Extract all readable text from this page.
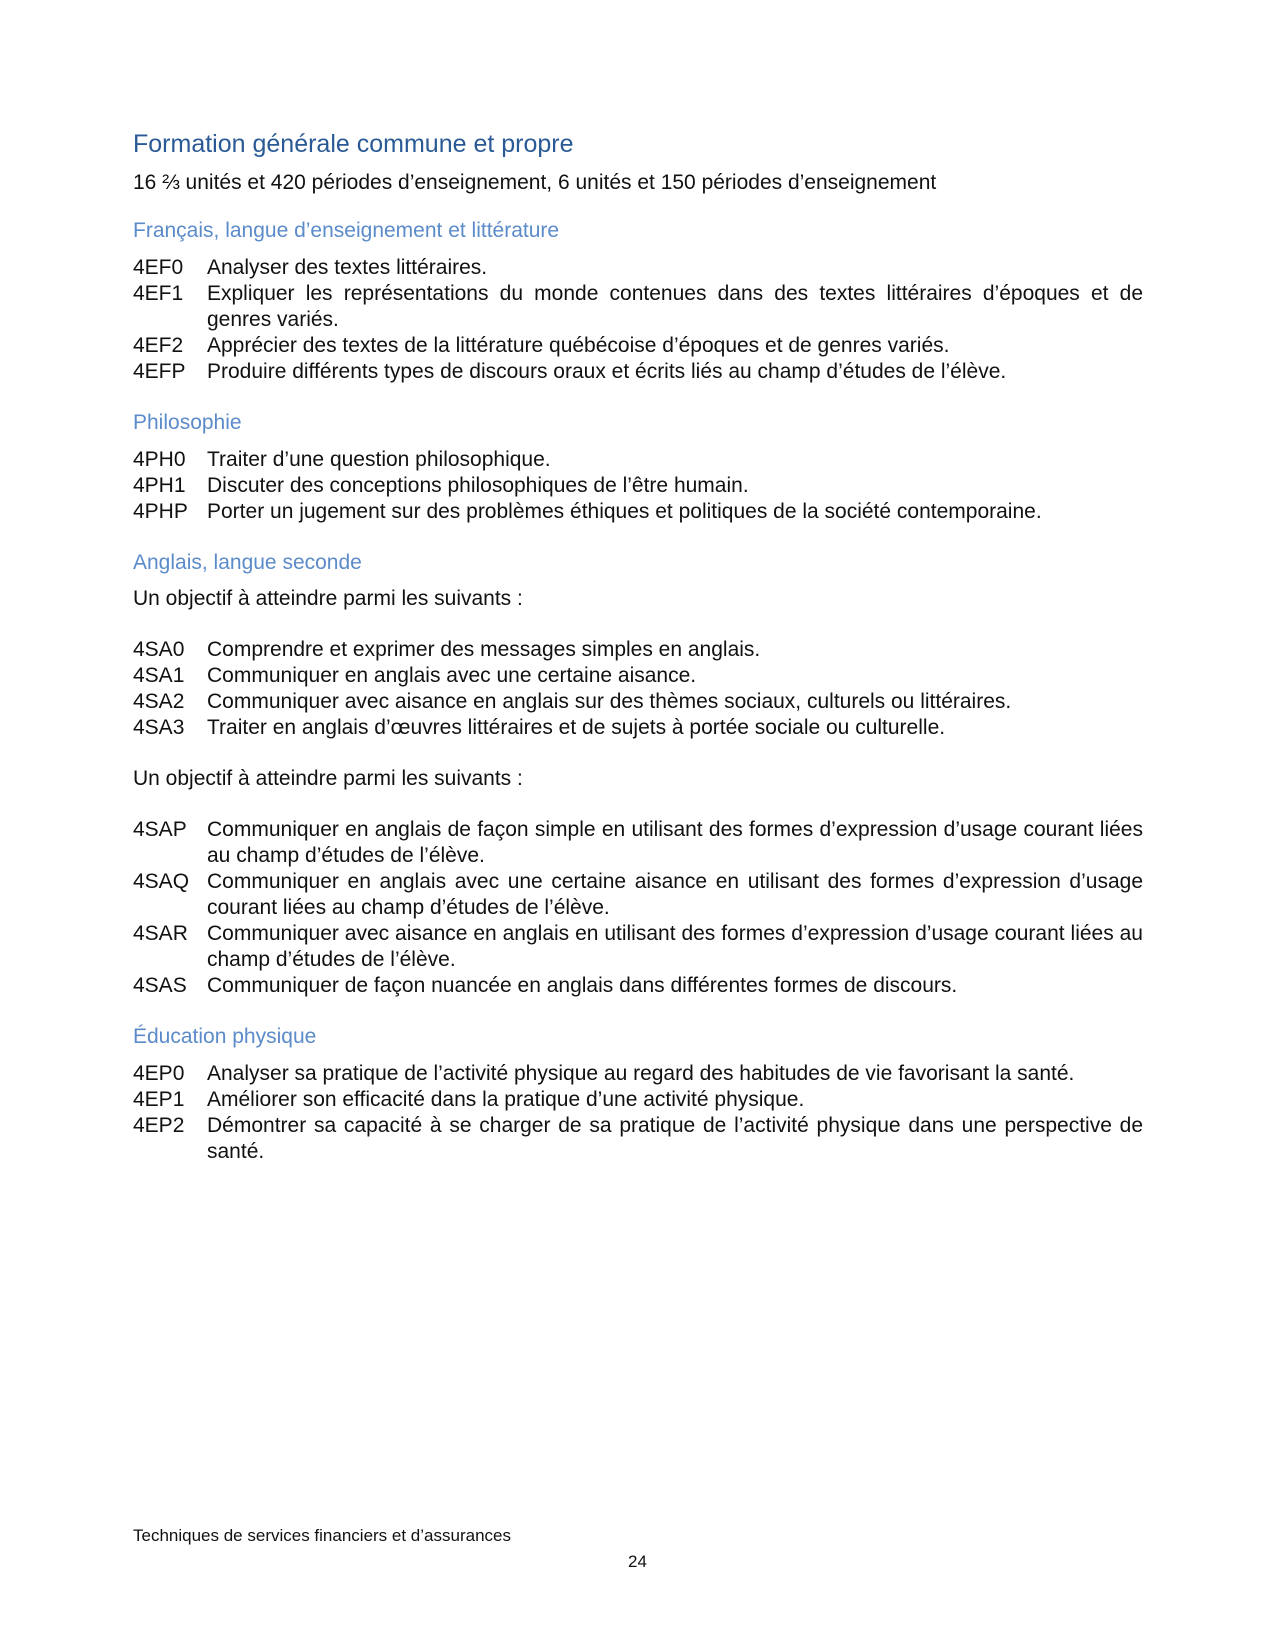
Formation générale commune et propre

16 ⅔ unités et 420 périodes d’enseignement, 6 unités et 150 périodes d’enseignement

Français, langue d’enseignement et littérature
4EF0	Analyser des textes littéraires.
4EF1	Expliquer les représentations du monde contenues dans des textes littéraires d’époques et de genres variés.
4EF2	Apprécier des textes de la littérature québécoise d’époques et de genres variés.
4EFP	Produire différents types de discours oraux et écrits liés au champ d’études de l’élève.
Philosophie
4PH0	Traiter d’une question philosophique.
4PH1	Discuter des conceptions philosophiques de l’être humain.
4PHP Porter un jugement sur des problèmes éthiques et politiques de la société contemporaine.
Anglais, langue seconde

Un objectif à atteindre parmi les suivants :

4SA0	Comprendre et exprimer des messages simples en anglais.
4SA1	Communiquer en anglais avec une certaine aisance.
4SA2	Communiquer avec aisance en anglais sur des thèmes sociaux, culturels ou littéraires.
4SA3	Traiter en anglais d’œuvres littéraires et de sujets à portée sociale ou culturelle.

Un objectif à atteindre parmi les suivants :

4SAP Communiquer en anglais de façon simple en utilisant des formes d’expression d’usage courant liées au champ d’études de l’élève.
4SAQ Communiquer en anglais avec une certaine aisance en utilisant des formes d’expression d’usage courant liées au champ d’études de l’élève.
4SAR Communiquer avec aisance en anglais en utilisant des formes d’expression d’usage courant liées au champ d’études de l’élève.
4SAS Communiquer de façon nuancée en anglais dans différentes formes de discours.
Éducation physique
4EP0	Analyser sa pratique de l’activité physique au regard des habitudes de vie favorisant la santé.
4EP1	Améliorer son efficacité dans la pratique d’une activité physique.
4EP2	Démontrer sa capacité à se charger de sa pratique de l’activité physique dans une perspective de santé.
Techniques de services financiers et d’assurances
24
